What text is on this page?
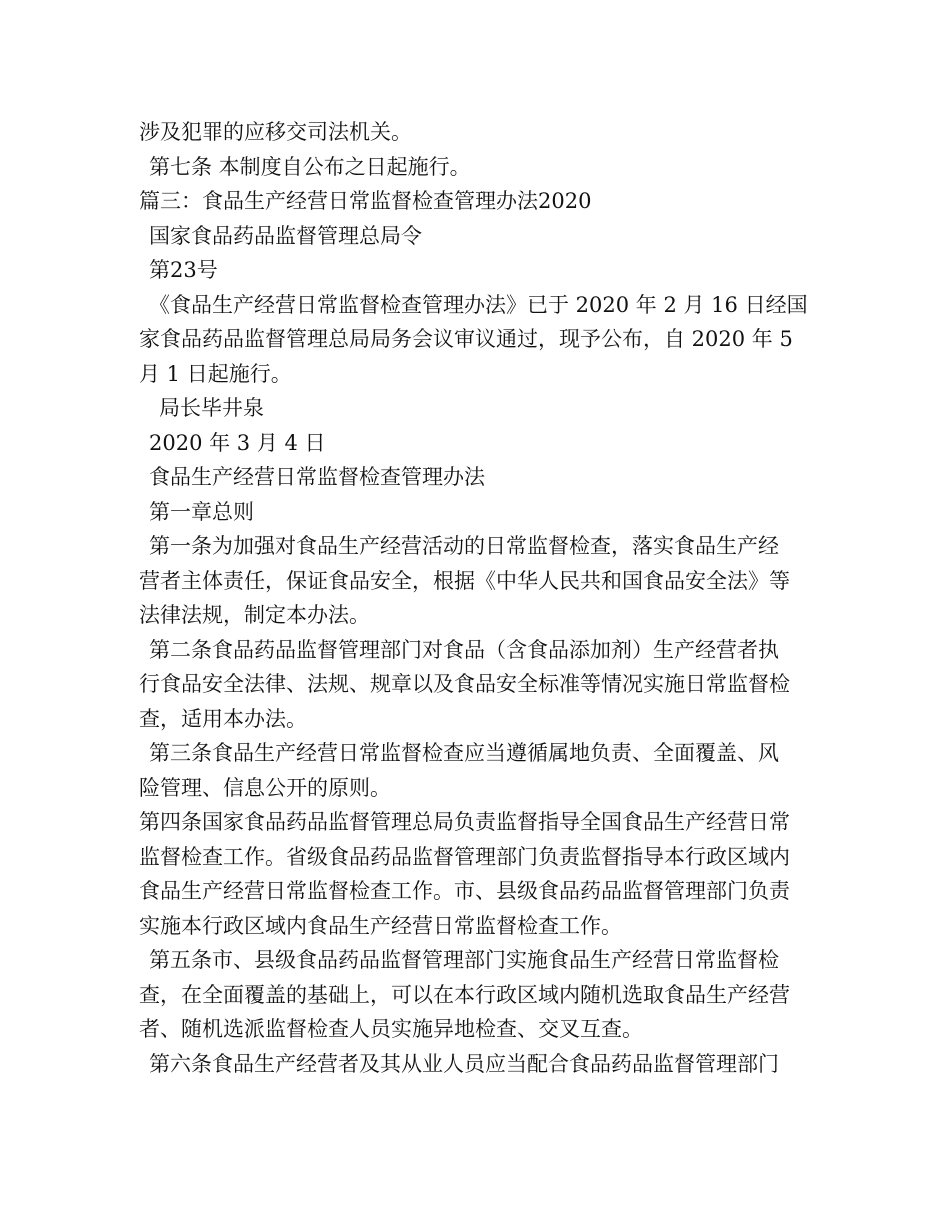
涉及犯罪的应移交司法机关。

第七条 本制度自公布之日起施行。

篇三：食品生产经营日常监督检查管理办法2020

国家食品药品监督管理总局令

第23号

《食品生产经营日常监督检查管理办法》已于 2020 年 2 月 16 日经国

家食品药品监督管理总局局务会议审议通过，现予公布，自 2020 年 5

月 1 日起施行。

局长毕井泉

2020 年 3 月 4 日

食品生产经营日常监督检查管理办法

第一章总则

第一条为加强对食品生产经营活动的日常监督检查，落实食品生产经

营者主体责任，保证食品安全，根据《中华人民共和国食品安全法》等

法律法规，制定本办法。

第二条食品药品监督管理部门对食品（含食品添加剂）生产经营者执

行食品安全法律、法规、规章以及食品安全标准等情况实施日常监督检

查，适用本办法。

第三条食品生产经营日常监督检查应当遵循属地负责、全面覆盖、风

险管理、信息公开的原则。

第四条国家食品药品监督管理总局负责监督指导全国食品生产经营日常

监督检查工作。省级食品药品监督管理部门负责监督指导本行政区域内

食品生产经营日常监督检查工作。市、县级食品药品监督管理部门负责

实施本行政区域内食品生产经营日常监督检查工作。

第五条市、县级食品药品监督管理部门实施食品生产经营日常监督检

查，在全面覆盖的基础上，可以在本行政区域内随机选取食品生产经营

者、随机选派监督检查人员实施异地检查、交叉互查。

第六条食品生产经营者及其从业人员应当配合食品药品监督管理部门
